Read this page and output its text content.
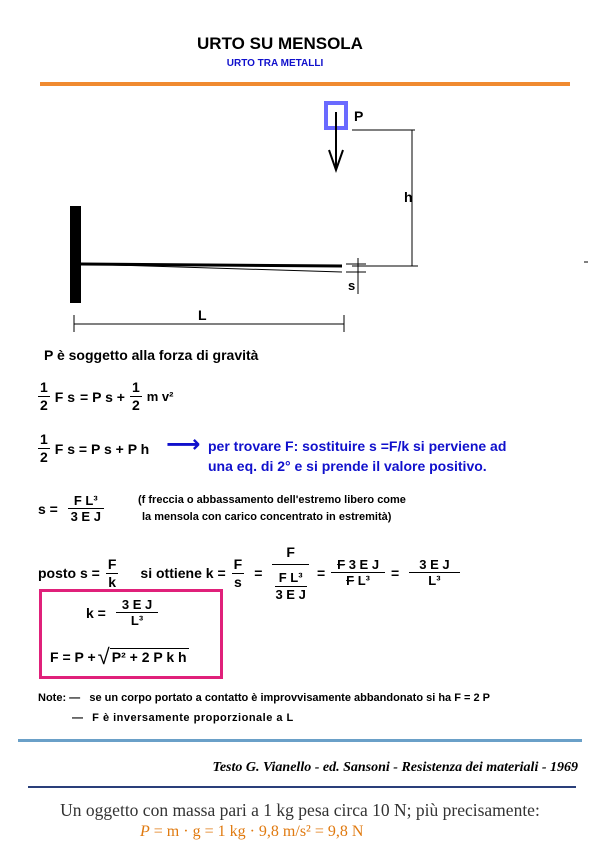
URTO SU MENSOLA
URTO TRA METALLI
P
h
s
L
P è soggetto alla forza di gravità
$\frac{1}{2}$ F s = P $s + \frac{1}{2}$ m v²
$\frac{1}{2}$ F s = P s + P h ⟶ per trovare F: sostituire s =F/k si perviene ad
una eq. di 2° e si prende il valore positivo.
$s = \frac{\text{F L³}}{\text{3 E J}}$	(f freccia o abbassamento dell'estremo libero come
la mensola con carico concentrato in estremità)
posto $s = \frac{F}{k}$ si ottiene $k = \frac{F}{s} = \frac{F}{\frac{\text{F L³}}{\text{3 E J}}} = \frac{\text{F 3 E J}}{\text{F L³}} = \frac{\text{3 E J}}{\text{L³}}$
$k = \frac{\text{3 E J}}{\text{L³}}$
F = P + √ P² + 2 P k h
Note: — se un corpo portato a contatto è improvvisamente abbandonato si ha F = 2 P
— F è inversamente proporzionale a L
Testo G. Vianello - ed. Sansoni - Resistenza dei materiali - 1969
Un oggetto con massa pari a 1 kg pesa circa 10 N; più precisamente:
P = m · g = 1 kg · 9,8 m/s² = 9,8 N
